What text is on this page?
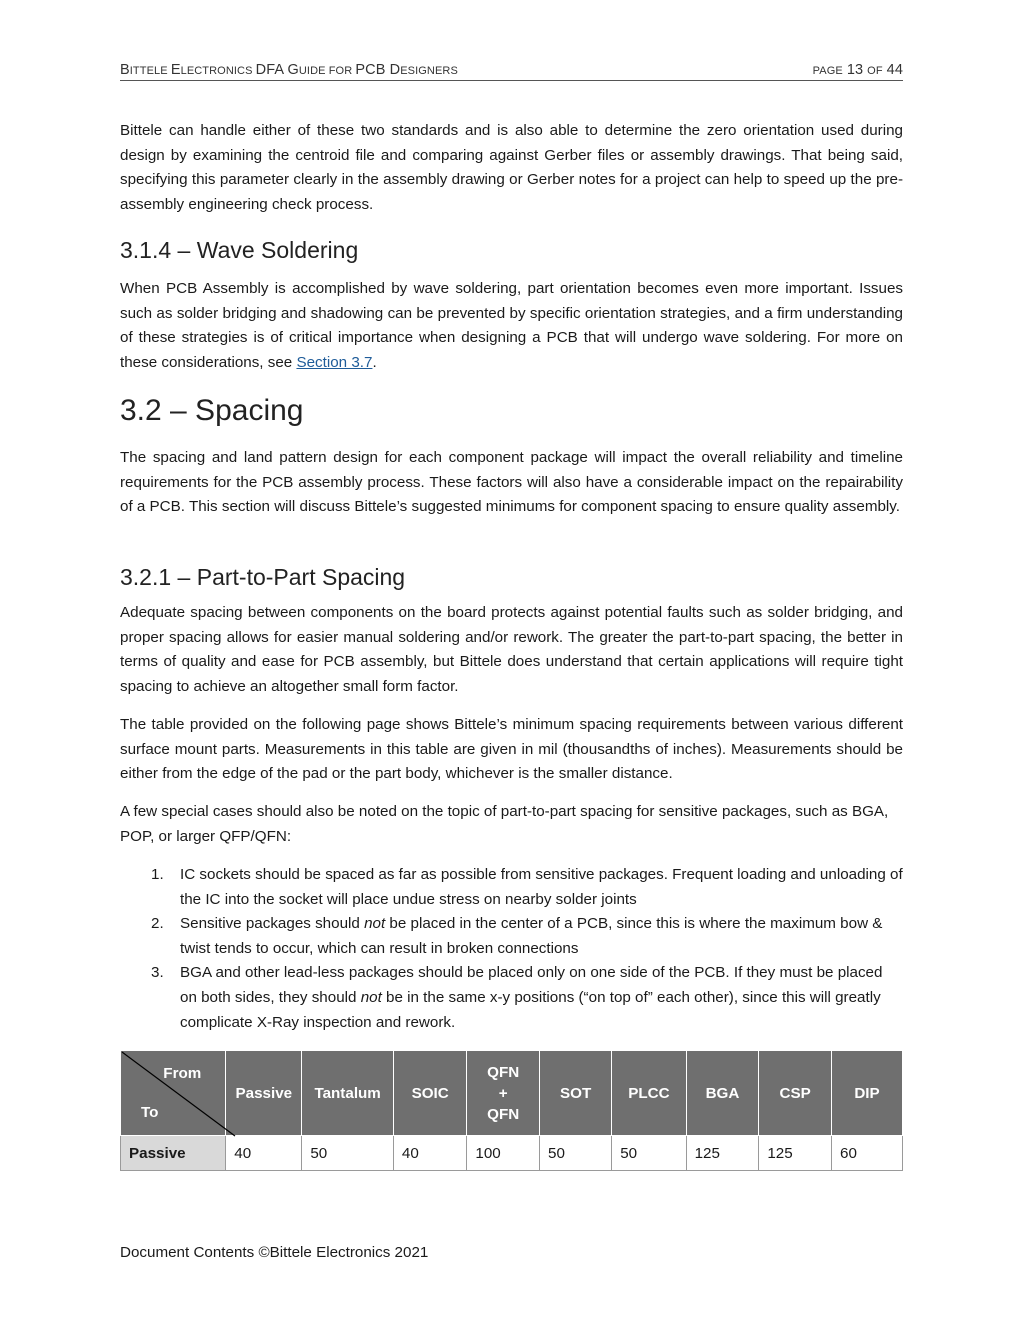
BITTELE ELECTRONICS DFA GUIDE FOR PCB DESIGNERS	PAGE 13 OF 44

Bittele can handle either of these two standards and is also able to determine the zero orientation used during design by examining the centroid file and comparing against Gerber files or assembly drawings. That being said, specifying this parameter clearly in the assembly drawing or Gerber notes for a project can help to speed up the pre-assembly engineering check process.

3.1.4 – Wave Soldering

When PCB Assembly is accomplished by wave soldering, part orientation becomes even more important. Issues such as solder bridging and shadowing can be prevented by specific orientation strategies, and a firm understanding of these strategies is of critical importance when designing a PCB that will undergo wave soldering. For more on these considerations, see Section 3.7.

3.2 – Spacing

The spacing and land pattern design for each component package will impact the overall reliability and timeline requirements for the PCB assembly process. These factors will also have a considerable impact on the repairability of a PCB. This section will discuss Bittele’s suggested minimums for component spacing to ensure quality assembly.

3.2.1 – Part-to-Part Spacing

Adequate spacing between components on the board protects against potential faults such as solder bridging, and proper spacing allows for easier manual soldering and/or rework. The greater the part-to-part spacing, the better in terms of quality and ease for PCB assembly, but Bittele does understand that certain applications will require tight spacing to achieve an altogether small form factor.

The table provided on the following page shows Bittele’s minimum spacing requirements between various different surface mount parts. Measurements in this table are given in mil (thousandths of inches). Measurements should be either from the edge of the pad or the part body, whichever is the smaller distance.

A few special cases should also be noted on the topic of part-to-part spacing for sensitive packages, such as BGA, POP, or larger QFP/QFN:

1. IC sockets should be spaced as far as possible from sensitive packages. Frequent loading and unloading of the IC into the socket will place undue stress on nearby solder joints
2. Sensitive packages should not be placed in the center of a PCB, since this is where the maximum bow & twist tends to occur, which can result in broken connections
3. BGA and other lead-less packages should be placed only on one side of the PCB. If they must be placed on both sides, they should not be in the same x-y positions (“on top of” each other), since this will greatly complicate X-Ray inspection and rework.
From
To	Passive	Tantalum	SOIC	QFN
+
QFN	SOT	PLCC	BGA	CSP	DIP
Passive	40	50	40	100	50	50	125	125	60
Document Contents ©Bittele Electronics 2021
